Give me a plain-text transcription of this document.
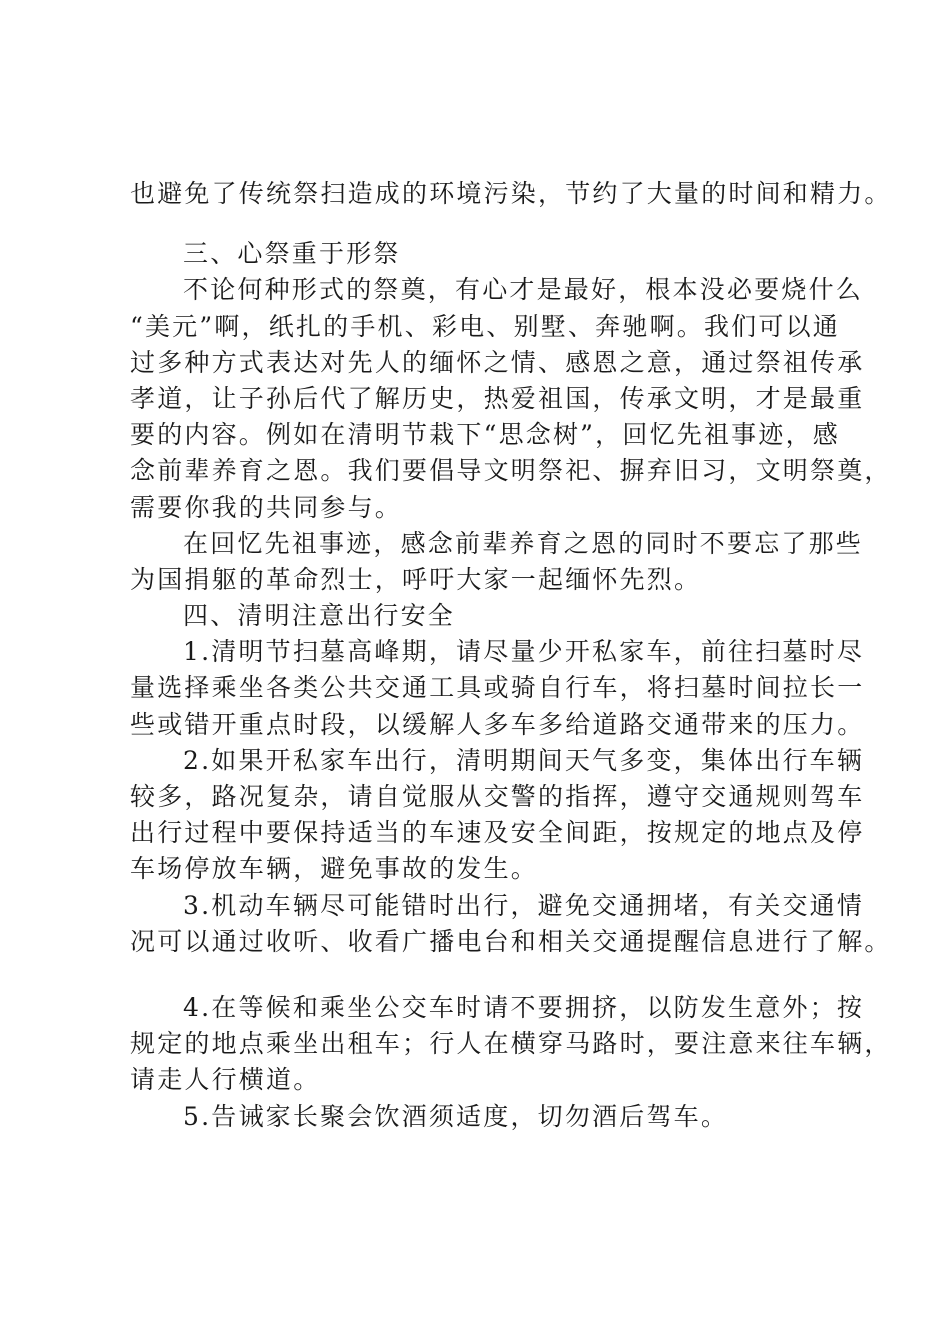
也避免了传统祭扫造成的环境污染，节约了大量的时间和精力。
三、心祭重于形祭
不论何种形式的祭奠，有心才是最好，根本没必要烧什么
“美元”啊，纸扎的手机、彩电、别墅、奔驰啊。我们可以通
过多种方式表达对先人的缅怀之情、感恩之意，通过祭祖传承
孝道，让子孙后代了解历史，热爱祖国，传承文明，才是最重
要的内容。例如在清明节栽下“思念树”，回忆先祖事迹，感
念前辈养育之恩。我们要倡导文明祭祀、摒弃旧习，文明祭奠，
需要你我的共同参与。
在回忆先祖事迹，感念前辈养育之恩的同时不要忘了那些
为国捐躯的革命烈士，呼吁大家一起缅怀先烈。
四、清明注意出行安全
1.清明节扫墓高峰期，请尽量少开私家车，前往扫墓时尽
量选择乘坐各类公共交通工具或骑自行车，将扫墓时间拉长一
些或错开重点时段，以缓解人多车多给道路交通带来的压力。
2.如果开私家车出行，清明期间天气多变，集体出行车辆
较多，路况复杂，请自觉服从交警的指挥，遵守交通规则驾车
出行过程中要保持适当的车速及安全间距，按规定的地点及停
车场停放车辆，避免事故的发生。
3.机动车辆尽可能错时出行，避免交通拥堵，有关交通情
况可以通过收听、收看广播电台和相关交通提醒信息进行了解。
4.在等候和乘坐公交车时请不要拥挤，以防发生意外；按
规定的地点乘坐出租车；行人在横穿马路时，要注意来往车辆，
请走人行横道。
5.告诫家长聚会饮酒须适度，切勿酒后驾车。
